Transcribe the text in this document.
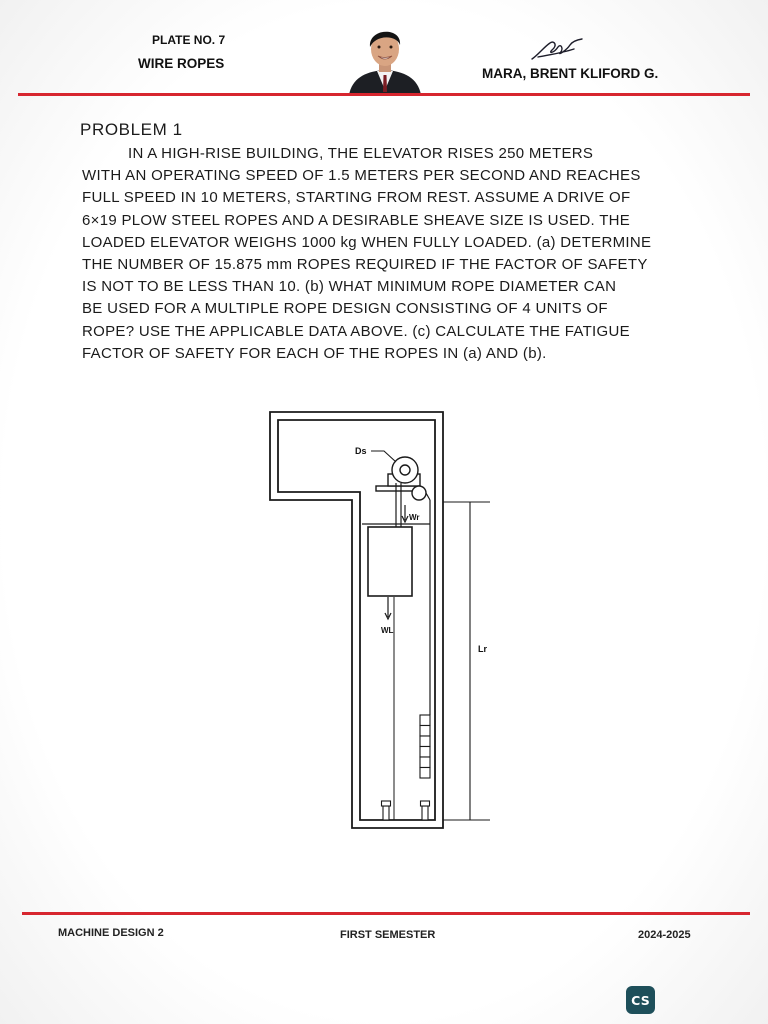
PLATE NO. 7
WIRE ROPES
MARA, BRENT KLIFORD G.
PROBLEM 1
IN A HIGH-RISE BUILDING, THE ELEVATOR RISES 250 METERS
WITH AN OPERATING SPEED OF 1.5 METERS PER SECOND AND REACHES
FULL SPEED IN 10 METERS, STARTING FROM REST. ASSUME A DRIVE OF
6×19 PLOW STEEL ROPES AND A DESIRABLE SHEAVE SIZE IS USED. THE
LOADED ELEVATOR WEIGHS 1000 kg WHEN FULLY LOADED. (a) DETERMINE
THE NUMBER OF 15.875 mm ROPES REQUIRED IF THE FACTOR OF SAFETY
IS NOT TO BE LESS THAN 10. (b) WHAT MINIMUM ROPE DIAMETER CAN
BE USED FOR A MULTIPLE ROPE DESIGN CONSISTING OF 4 UNITS OF
ROPE? USE THE APPLICABLE DATA ABOVE. (c) CALCULATE THE FATIGUE
FACTOR OF SAFETY FOR EACH OF THE ROPES IN (a) AND (b).
Ds
Wr
WL
Lr
MACHINE DESIGN 2	FIRST SEMESTER	2024-2025
CS
